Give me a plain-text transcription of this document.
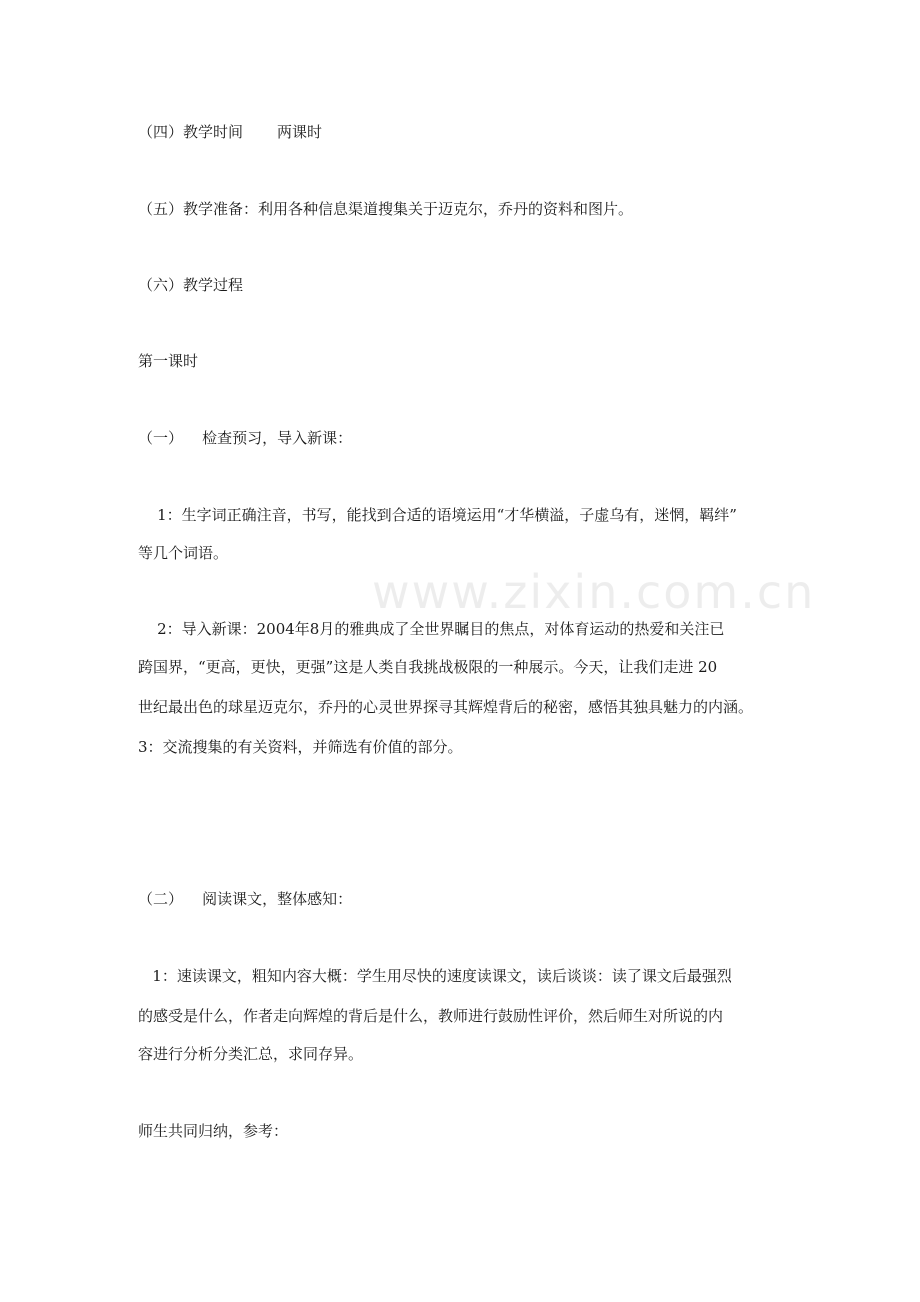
www.zixin.com.cn
（四）教学时间 两课时
（五）教学准备：利用各种信息渠道搜集关于迈克尔，乔丹的资料和图片。
（六）教学过程
第一课时
（一）    检查预习，导入新课：
1：生字词正确注音，书写，能找到合适的语境运用“才华横溢，子虚乌有，迷惘，羁绊”
等几个词语。
2：导入新课：2004年8月的雅典成了全世界瞩目的焦点，对体育运动的热爱和关注已
跨国界，“更高，更快，更强”这是人类自我挑战极限的一种展示。今天，让我们走进 20
世纪最出色的球星迈克尔，乔丹的心灵世界探寻其辉煌背后的秘密，感悟其独具魅力的内涵。
3：交流搜集的有关资料，并筛选有价值的部分。
（二）    阅读课文，整体感知：
1：速读课文，粗知内容大概：学生用尽快的速度读课文，读后谈谈：读了课文后最强烈
的感受是什么，作者走向辉煌的背后是什么，教师进行鼓励性评价，然后师生对所说的内
容进行分析分类汇总，求同存异。
师生共同归纳，参考：
